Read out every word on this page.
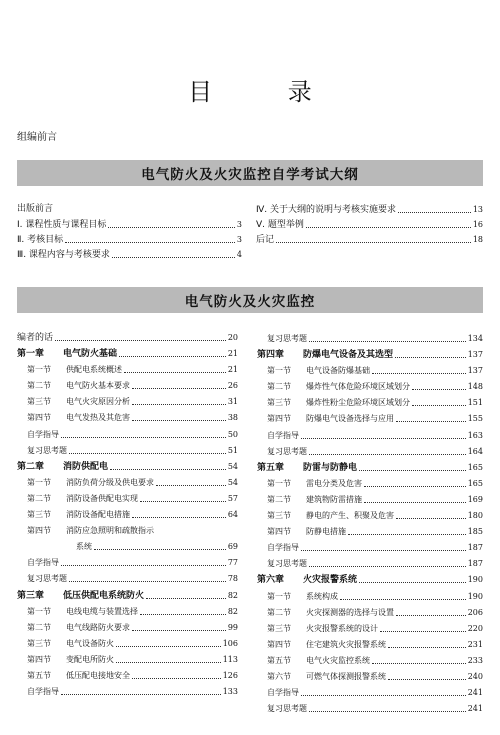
目 录
组编前言
电气防火及火灾监控自学考试大纲
出版前言
Ⅰ. 课程性质与课程目标	3
Ⅱ. 考核目标	3
Ⅲ. 课程内容与考核要求	4
Ⅳ. 关于大纲的说明与考核实施要求	13
Ⅴ. 题型举例	16
后记	18
电气防火及火灾监控
编者的话	20
第一章 电气防火基础	21
第一节 供配电系统概述	21
第二节 电气防火基本要求	26
第三节 电气火灾原因分析	31
第四节 电气发热及其危害	38
自学指导	50
复习思考题	51
第二章 消防供配电	54
第一节 消防负荷分级及供电要求	54
第二节 消防设备供配电实现	57
第三节 消防设备配电措施	64
第四节 消防应急照明和疏散指示
系统	69
自学指导	77
复习思考题	78
第三章 低压供配电系统防火	82
第一节 电线电缆与装置选择	82
第二节 电气线路防火要求	99
第三节 电气设备防火	106
第四节 变配电所防火	113
第五节 低压配电接地安全	126
自学指导	133
复习思考题	134
第四章 防爆电气设备及其选型	137
第一节 电气设备防爆基础	137
第二节 爆炸性气体危险环境区域划分	148
第三节 爆炸性粉尘危险环境区域划分	151
第四节 防爆电气设备选择与应用	155
自学指导	163
复习思考题	164
第五章 防雷与防静电	165
第一节 雷电分类及危害	165
第二节 建筑物防雷措施	169
第三节 静电的产生、积聚及危害	180
第四节 防静电措施	185
自学指导	187
复习思考题	187
第六章 火灾报警系统	190
第一节 系统构成	190
第二节 火灾探测器的选择与设置	206
第三节 火灾报警系统的设计	220
第四节 住宅建筑火灾报警系统	231
第五节 电气火灾监控系统	233
第六节 可燃气体探测报警系统	240
自学指导	241
复习思考题	241
